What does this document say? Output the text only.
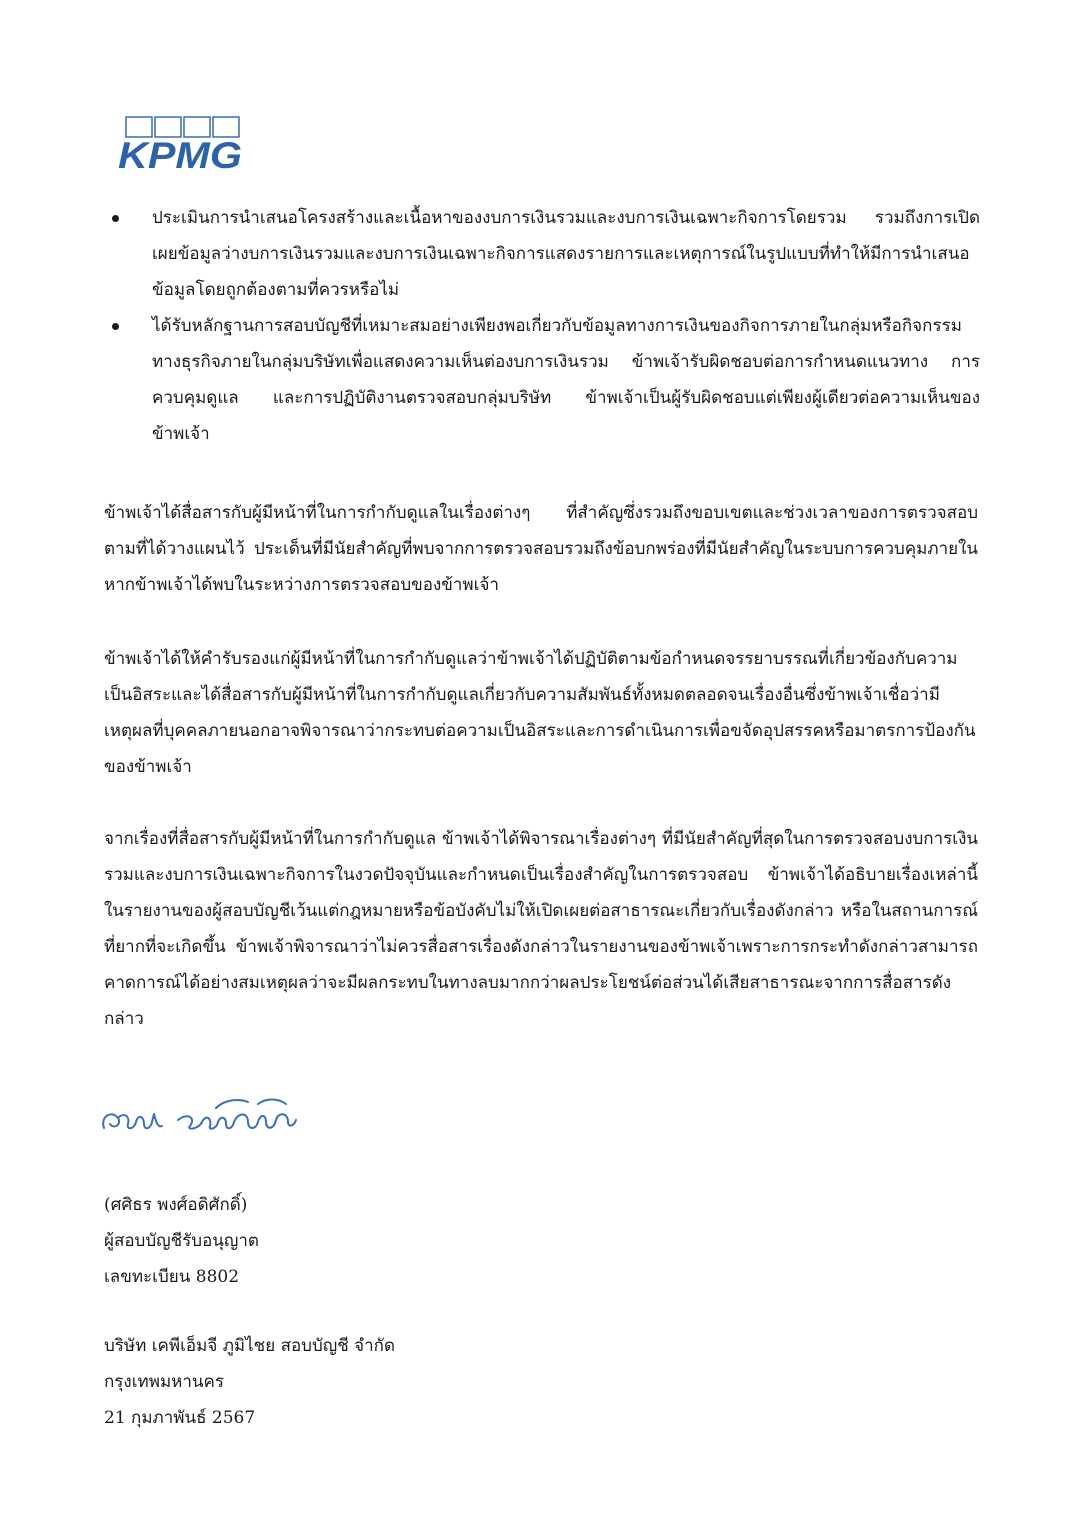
KPMG
ประเมินการนำเสนอโครงสร้างและเนื้อหาของงบการเงินรวมและงบการเงินเฉพาะกิจการโดยรวม รวมถึงการเปิดเผยข้อมูลว่างบการเงินรวมและงบการเงินเฉพาะกิจการแสดงรายการและเหตุการณ์ในรูปแบบที่ทำให้มีการนำเสนอข้อมูลโดยถูกต้องตามที่ควรหรือไม่
ได้รับหลักฐานการสอบบัญชีที่เหมาะสมอย่างเพียงพอเกี่ยวกับข้อมูลทางการเงินของกิจการภายในกลุ่มหรือกิจกรรมทางธุรกิจภายในกลุ่มบริษัทเพื่อแสดงความเห็นต่องบการเงินรวม ข้าพเจ้ารับผิดชอบต่อการกำหนดแนวทาง การควบคุมดูแล และการปฏิบัติงานตรวจสอบกลุ่มบริษัท ข้าพเจ้าเป็นผู้รับผิดชอบแต่เพียงผู้เดียวต่อความเห็นของข้าพเจ้า

ข้าพเจ้าได้สื่อสารกับผู้มีหน้าที่ในการกำกับดูแลในเรื่องต่างๆ ที่สำคัญซึ่งรวมถึงขอบเขตและช่วงเวลาของการตรวจสอบตามที่ได้วางแผนไว้ ประเด็นที่มีนัยสำคัญที่พบจากการตรวจสอบรวมถึงข้อบกพร่องที่มีนัยสำคัญในระบบการควบคุมภายในหากข้าพเจ้าได้พบในระหว่างการตรวจสอบของข้าพเจ้า

ข้าพเจ้าได้ให้คำรับรองแก่ผู้มีหน้าที่ในการกำกับดูแลว่าข้าพเจ้าได้ปฏิบัติตามข้อกำหนดจรรยาบรรณที่เกี่ยวข้องกับความเป็นอิสระและได้สื่อสารกับผู้มีหน้าที่ในการกำกับดูแลเกี่ยวกับความสัมพันธ์ทั้งหมดตลอดจนเรื่องอื่นซึ่งข้าพเจ้าเชื่อว่ามีเหตุผลที่บุคคลภายนอกอาจพิจารณาว่ากระทบต่อความเป็นอิสระและการดำเนินการเพื่อขจัดอุปสรรคหรือมาตรการป้องกันของข้าพเจ้า

จากเรื่องที่สื่อสารกับผู้มีหน้าที่ในการกำกับดูแล ข้าพเจ้าได้พิจารณาเรื่องต่างๆ ที่มีนัยสำคัญที่สุดในการตรวจสอบงบการเงินรวมและงบการเงินเฉพาะกิจการในงวดปัจจุบันและกำหนดเป็นเรื่องสำคัญในการตรวจสอบ ข้าพเจ้าได้อธิบายเรื่องเหล่านี้ในรายงานของผู้สอบบัญชีเว้นแต่กฎหมายหรือข้อบังคับไม่ให้เปิดเผยต่อสาธารณะเกี่ยวกับเรื่องดังกล่าว หรือในสถานการณ์ที่ยากที่จะเกิดขึ้น ข้าพเจ้าพิจารณาว่าไม่ควรสื่อสารเรื่องดังกล่าวในรายงานของข้าพเจ้าเพราะการกระทำดังกล่าวสามารถคาดการณ์ได้อย่างสมเหตุผลว่าจะมีผลกระทบในทางลบมากกว่าผลประโยชน์ต่อส่วนได้เสียสาธารณะจากการสื่อสารดังกล่าว

(ศศิธร พงศ์อดิศักดิ์)
ผู้สอบบัญชีรับอนุญาต
เลขทะเบียน 8802
บริษัท เคพีเอ็มจี ภูมิไชย สอบบัญชี จำกัด
กรุงเทพมหานคร
21 กุมภาพันธ์ 2567
